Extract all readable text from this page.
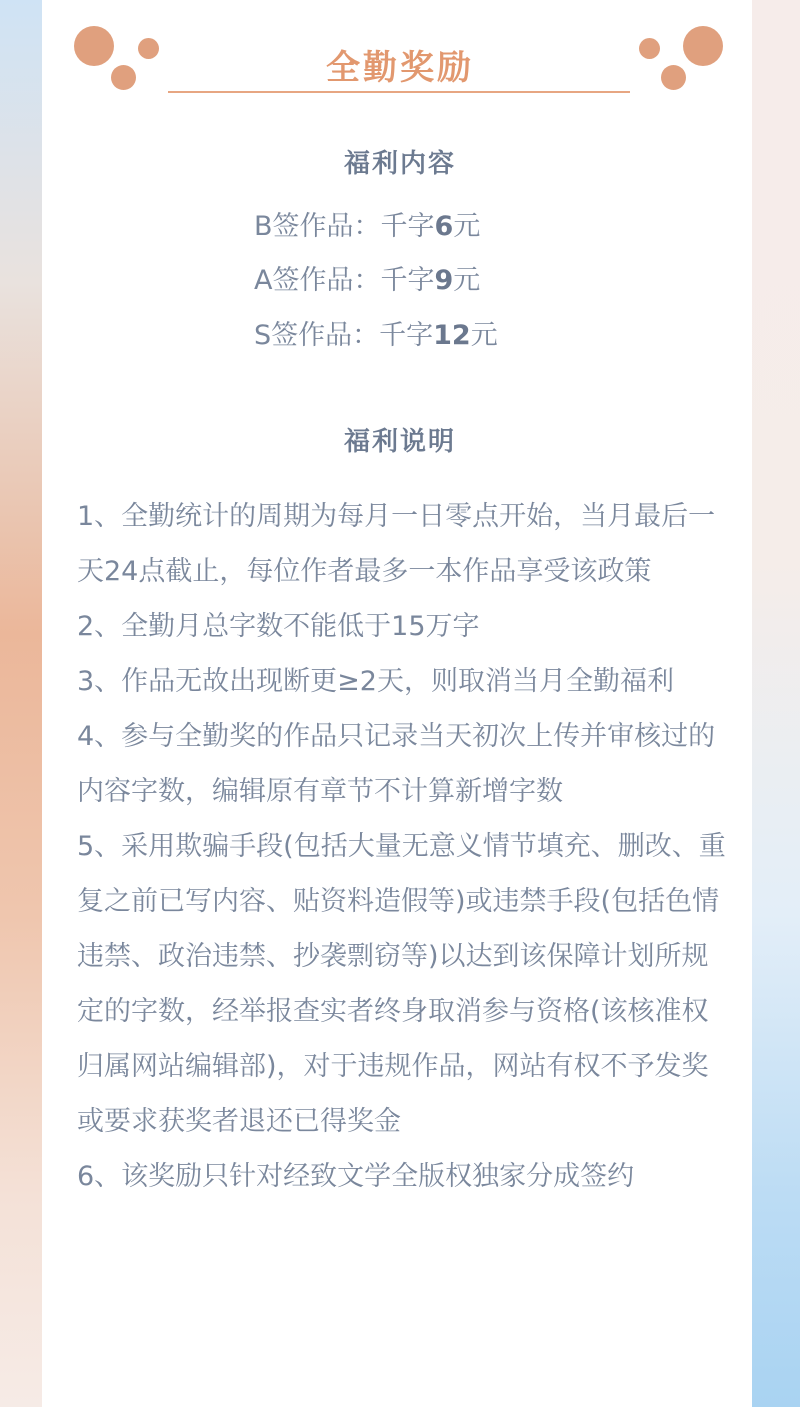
全勤奖励
福利内容
B签作品：千字6元
A签作品：千字9元
S签作品：千字12元
福利说明

1、全勤统计的周期为每月一日零点开始，当月最后一天24点截止，每位作者最多一本作品享受该政策

2、全勤月总字数不能低于15万字

3、作品无故出现断更≥2天，则取消当月全勤福利

4、参与全勤奖的作品只记录当天初次上传并审核过的内容字数，编辑原有章节不计算新增字数

5、采用欺骗手段(包括大量无意义情节填充、删改、重复之前已写内容、贴资料造假等)或违禁手段(包括色情违禁、政治违禁、抄袭剽窃等)以达到该保障计划所规定的字数，经举报查实者终身取消参与资格(该核准权归属网站编辑部)，对于违规作品，网站有权不予发奖或要求获奖者退还已得奖金

6、该奖励只针对经致文学全版权独家分成签约
